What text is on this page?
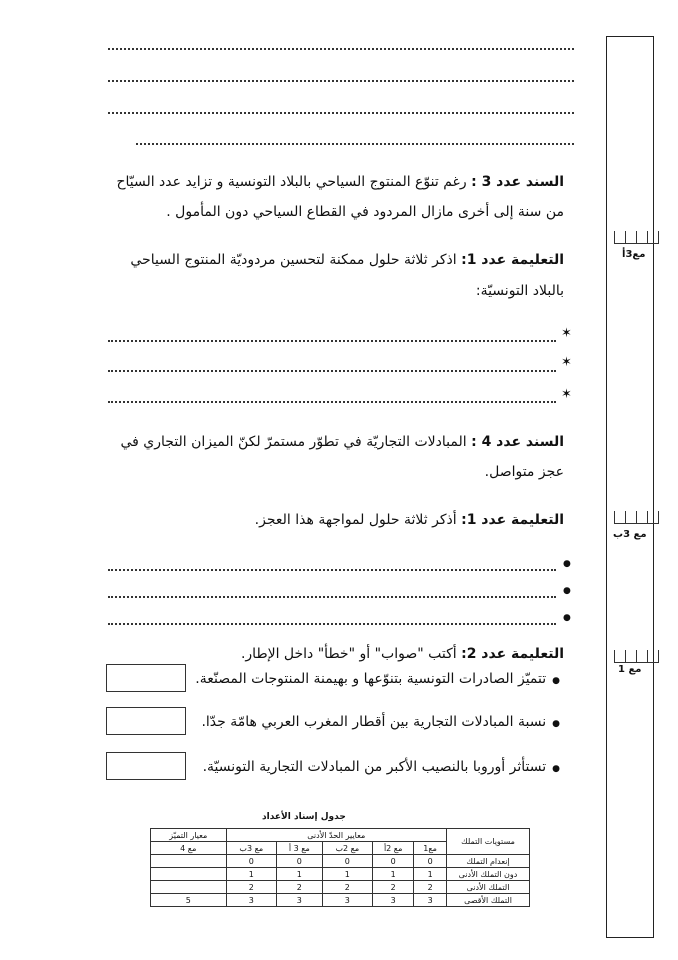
مع3أ
مع 3ب
مع 1
السند عدد 3 : رغم تنوّع المنتوج السياحي بالبلاد التونسية و تزايد عدد السيّاح
من سنة إلى أخرى مازال المردود في القطاع السياحي دون المأمول .
التعليمة عدد 1: اذكر ثلاثة حلول ممكنة لتحسين مردوديّة المنتوج السياحي
بالبلاد التونسيّة:
✶
✶
✶
السند عدد 4 : المبادلات التجاريّة في تطوّر مستمرّ لكنّ الميزان التجاري في
عجز متواصل.
التعليمة عدد 1: أذكر ثلاثة حلول لمواجهة هذا العجز.
●
●
●
التعليمة عدد 2: أكتب "صواب" أو "خطأ" داخل الإطار.
●تتميّز الصادرات التونسية بتنوّعها و بهيمنة المنتوجات المصنّعة.
●نسبة المبادلات التجارية بين أقطار المغرب العربي هامّة جدّا.
●تستأثر أوروبا بالنصيب الأكبر من المبادلات التجارية التونسيّة.
جدول إسناد الأعداد
مستويات التملك	معايير الحدّ الأدنى					معيار التميّز
	مع1	مع 2أ	مع 2ب	مع 3 أ	مع 3ب	مع 4
إنعدام التملك	0	0	0	0	0	
دون التملك الأدنى	1	1	1	1	1	
التملك الأدنى	2	2	2	2	2	
التملك الأقصى	3	3	3	3	3	5
